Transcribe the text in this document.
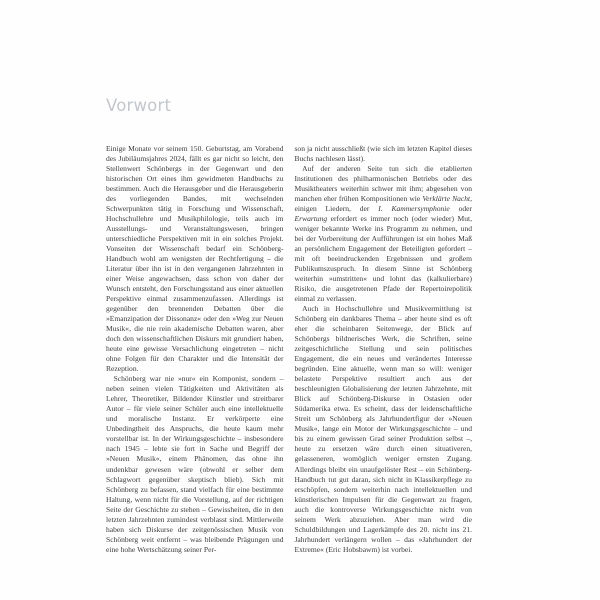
Vorwort

Einige Monate vor seinem 150. Geburtstag, am Vorabend des Jubiläumsjahres 2024, fällt es gar nicht so leicht, den Stellenwert Schönbergs in der Gegenwart und den historischen Ort eines ihm gewidmeten Handbuchs zu bestimmen. Auch die Herausgeber und die Herausgeberin des vorliegenden Bandes, mit wechselnden Schwerpunkten tätig in Forschung und Wissenschaft, Hochschullehre und Musikphilologie, teils auch im Ausstellungs- und Veranstaltungswesen, bringen unterschiedliche Perspektiven mit in ein solches Projekt. Vonseiten der Wissenschaft bedarf ein Schönberg-Handbuch wohl am wenigsten der Rechtfertigung – die Literatur über ihn ist in den vergangenen Jahrzehnten in einer Weise angewachsen, dass schon von daher der Wunsch entsteht, den Forschungsstand aus einer aktuellen Perspektive einmal zusammenzufassen. Allerdings ist gegenüber den brennenden Debatten über die »Emanzipation der Dissonanz« oder den »Weg zur Neuen Musik«, die nie rein akademische Debatten waren, aber doch den wissenschaftlichen Diskurs mit grundiert haben, heute eine gewisse Versachlichung eingetreten – nicht ohne Folgen für den Charakter und die Intensität der Rezeption.

Schönberg war nie »nur« ein Komponist, sondern – neben seinen vielen Tätigkeiten und Aktivitäten als Lehrer, Theoretiker, Bildender Künstler und streitbarer Autor – für viele seiner Schüler auch eine intellektuelle und moralische Instanz. Er verkörperte eine Unbedingtheit des Anspruchs, die heute kaum mehr vorstellbar ist. In der Wirkungsgeschichte – insbesondere nach 1945 – lebte sie fort in Sache und Begriff der »Neuen Musik«, einem Phänomen, das ohne ihn undenkbar gewesen wäre (obwohl er selber dem Schlagwort gegenüber skeptisch blieb). Sich mit Schönberg zu befassen, stand vielfach für eine bestimmte Haltung, wenn nicht für die Vorstellung, auf der richtigen Seite der Geschichte zu stehen – Gewissheiten, die in den letzten Jahrzehnten zumindest verblasst sind. Mittlerweile haben sich Diskurse der zeitgenössischen Musik von Schönberg weit entfernt – was bleibende Prägungen und eine hohe Wertschätzung seiner Per-

son ja nicht ausschließt (wie sich im letzten Kapitel dieses Buchs nachlesen lässt).

Auf der anderen Seite tun sich die etablierten Institutionen des philharmonischen Betriebs oder des Musiktheaters weiterhin schwer mit ihm; abgesehen von manchen eher frühen Kompositionen wie Verklärte Nacht, einigen Liedern, der I. Kammersymphonie oder Erwartung erfordert es immer noch (oder wieder) Mut, weniger bekannte Werke ins Programm zu nehmen, und bei der Vorbereitung der Aufführungen ist ein hohes Maß an persönlichem Engagement der Beteiligten gefordert – mit oft beeindruckenden Ergebnissen und großem Publikumszuspruch. In diesem Sinne ist Schönberg weiterhin »umstritten« und lohnt das (kalkulierbare) Risiko, die ausgetretenen Pfade der Repertoirepolitik einmal zu verlassen.

Auch in Hochschullehre und Musikvermittlung ist Schönberg ein dankbares Thema – aber heute sind es oft eher die scheinbaren Seitenwege, der Blick auf Schönbergs bildnerisches Werk, die Schriften, seine zeitgeschichtliche Stellung und sein politisches Engagement, die ein neues und verändertes Interesse begründen. Eine aktuelle, wenn man so will: weniger belastete Perspektive resultiert auch aus der beschleunigten Globalisierung der letzten Jahrzehnte, mit Blick auf Schönberg-Diskurse in Ostasien oder Südamerika etwa. Es scheint, dass der leidenschaftliche Streit um Schönberg als Jahrhundertfigur der »Neuen Musik«, lange ein Motor der Wirkungsgeschichte – und bis zu einem gewissen Grad seiner Produktion selbst –, heute zu ersetzen wäre durch einen situativeren, gelasseneren, womöglich weniger ernsten Zugang. Allerdings bleibt ein unaufgelöster Rest – ein Schönberg-Handbuch tut gut daran, sich nicht in Klassikerpflege zu erschöpfen, sondern weiterhin nach intellektuellen und künstlerischen Impulsen für die Gegenwart zu fragen, auch die kontroverse Wirkungsgeschichte nicht von seinem Werk abzuziehen. Aber man wird die Schuldbildungen und Lagerkämpfe des 20. nicht ins 21. Jahrhundert verlängern wollen – das »Jahrhundert der Extreme« (Eric Hobsbawm) ist vorbei.
